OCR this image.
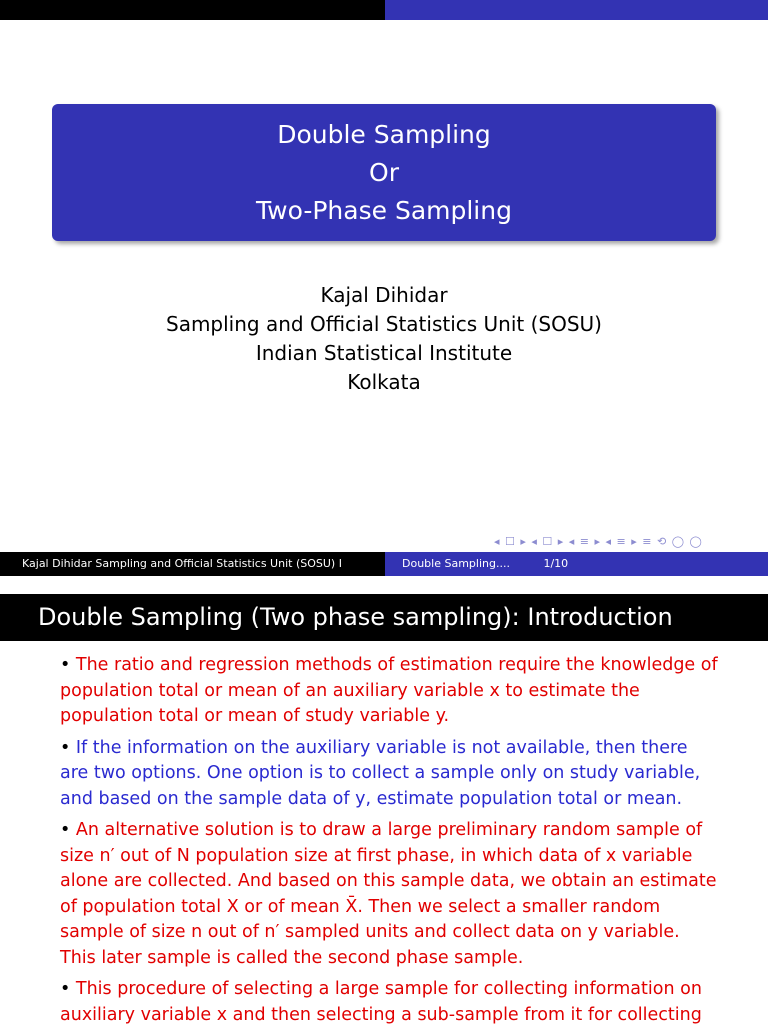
Double Sampling
Or
Two-Phase Sampling
Kajal Dihidar
Sampling and Official Statistics Unit (SOSU)
Indian Statistical Institute
Kolkata
◂ ☐ ▸ ◂ ☐ ▸ ◂ ≡ ▸ ◂ ≡ ▸ ≡ ⟲ ◯ ◯
Kajal Dihidar Sampling and Official Statistics Unit (SOSU) I	Double Sampling....	1/10
Double Sampling (Two phase sampling): Introduction

• The ratio and regression methods of estimation require the knowledge of population total or mean of an auxiliary variable x to estimate the population total or mean of study variable y.

• If the information on the auxiliary variable is not available, then there are two options. One option is to collect a sample only on study variable, and based on the sample data of y, estimate population total or mean.

• An alternative solution is to draw a large preliminary random sample of size n′ out of N population size at first phase, in which data of x variable alone are collected. And based on this sample data, we obtain an estimate of population total X or of mean X̄. Then we select a smaller random sample of size n out of n′ sampled units and collect data on y variable. This later sample is called the second phase sample.

• This procedure of selecting a large sample for collecting information on auxiliary variable x and then selecting a sub-sample from it for collecting
